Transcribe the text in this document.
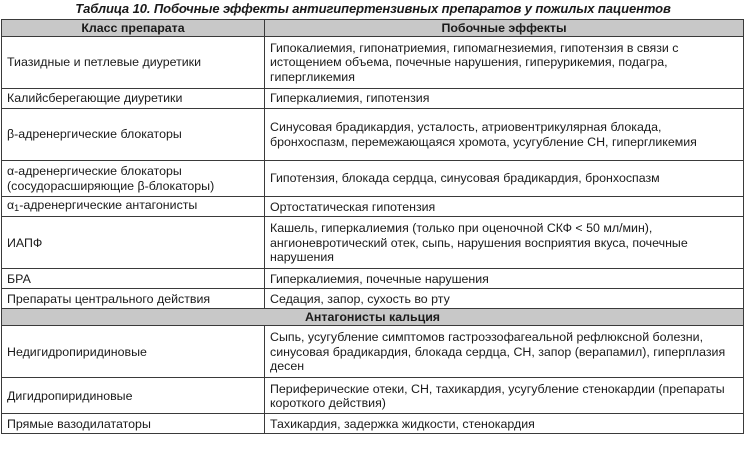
Таблица 10. Побочные эффекты антигипертензивных препаратов у пожилых пациентов
Класс препарата	Побочные эффекты
Тиазидные и петлевые диуретики	Гипокалиемия, гипонатриемия, гипомагнезиемия, гипотензия в связи с истощением объема, почечные нарушения, гиперурикемия, подагра, гипергликемия
Калийсберегающие диуретики	Гиперкалиемия, гипотензия
β-адренергические блокаторы	Синусовая брадикардия, усталость, атриовентрикулярная блокада, бронхоспазм, перемежающаяся хромота, усугубление СН, гипергликемия
α-адренергические блокаторы (сосудорасширяющие β-блокаторы)	Гипотензия, блокада сердца, синусовая брадикардия, бронхоспазм
$\alpha_1$-адренергические антагонисты	Ортостатическая гипотензия
ИАПФ	Кашель, гиперкалиемия (только при оценочной СКФ < 50 мл/мин), ангионевротический отек, сыпь, нарушения восприятия вкуса, почечные нарушения
БРА	Гиперкалиемия, почечные нарушения
Препараты центрального действия	Седация, запор, сухость во рту
Антагонисты кальция	
Недигидропиридиновые	Сыпь, усугубление симптомов гастроэзофагеальной рефлюксной болезни, синусовая брадикардия, блокада сердца, СН, запор (верапамил), гиперплазия десен
Дигидропиридиновые	Периферические отеки, СН, тахикардия, усугубление стенокардии (препараты короткого действия)
Прямые вазодилататоры	Тахикардия, задержка жидкости, стенокардия
